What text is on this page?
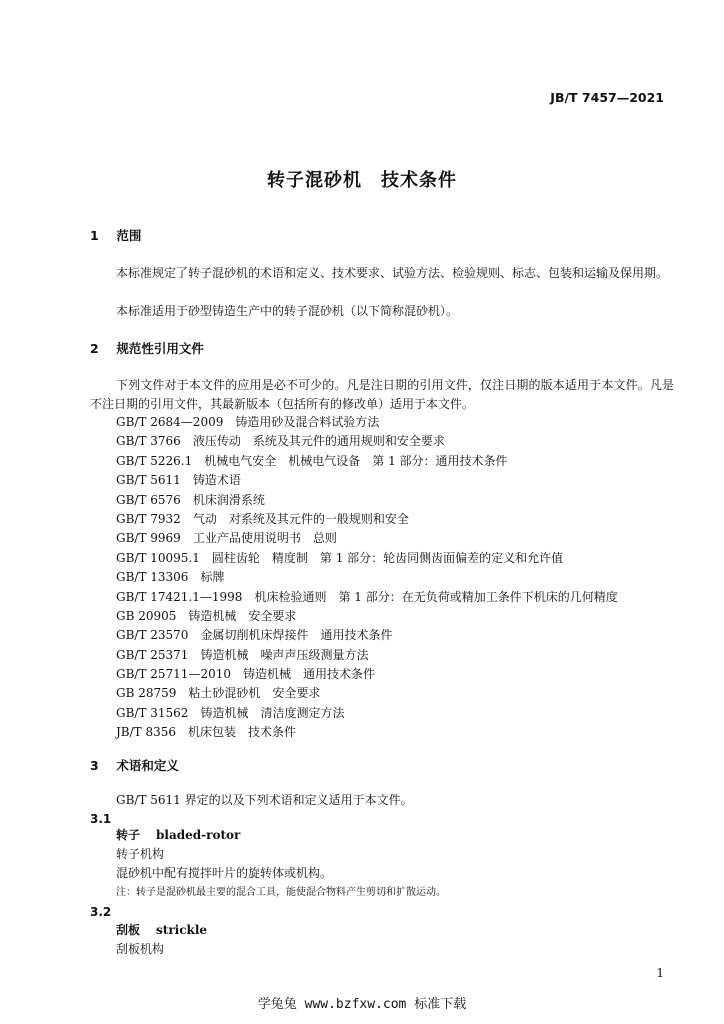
JB/T 7457—2021
转子混砂机　技术条件
1 范围
本标准规定了转子混砂机的术语和定义、技术要求、试验方法、检验规则、标志、包装和运输及保用期。
本标准适用于砂型铸造生产中的转子混砂机（以下简称混砂机）。
2 规范性引用文件
下列文件对于本文件的应用是必不可少的。凡是注日期的引用文件，仅注日期的版本适用于本文件。凡是不注日期的引用文件，其最新版本（包括所有的修改单）适用于本文件。
GB/T 2684—2009　 铸造用砂及混合料试验方法
GB/T 3766　 液压传动　系统及其元件的通用规则和安全要求
GB/T 5226.1　 机械电气安全　机械电气设备　第 1 部分：通用技术条件
GB/T 5611　 铸造术语
GB/T 6576　 机床润滑系统
GB/T 7932　 气动　对系统及其元件的一般规则和安全
GB/T 9969　 工业产品使用说明书　总则
GB/T 10095.1　 圆柱齿轮　精度制　第 1 部分：轮齿同侧齿面偏差的定义和允许值
GB/T 13306　 标牌
GB/T 17421.1—1998　 机床检验通则　第 1 部分：在无负荷或精加工条件下机床的几何精度
GB 20905　 铸造机械　安全要求
GB/T 23570　 金属切削机床焊接件　通用技术条件
GB/T 25371　 铸造机械　噪声声压级测量方法
GB/T 25711—2010　 铸造机械　通用技术条件
GB 28759　 粘土砂混砂机　安全要求
GB/T 31562　 铸造机械　清洁度测定方法
JB/T 8356　 机床包装　技术条件
3 术语和定义
GB/T 5611 界定的以及下列术语和定义适用于本文件。
3.1
转子 bladed-rotor
转子机构
混砂机中配有搅拌叶片的旋转体或机构。
注：转子是混砂机最主要的混合工具，能使混合物料产生剪切和扩散运动。
3.2
刮板 strickle
刮板机构
1
学兔兔 www.bzfxw.com 标准下载
